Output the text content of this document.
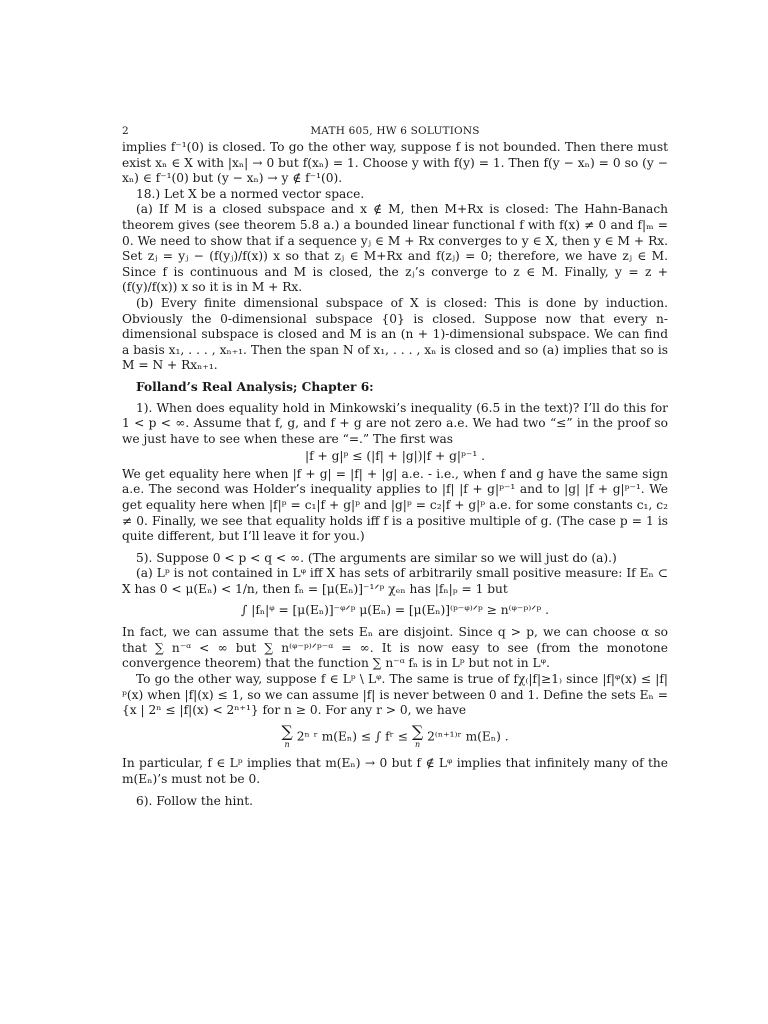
2	MATH 605, HW 6 SOLUTIONS

implies f⁻¹(0) is closed. To go the other way, suppose f is not bounded. Then there must exist xₙ ∈ X with |xₙ| → 0 but f(xₙ) = 1. Choose y with f(y) = 1. Then f(y − xₙ) = 0 so (y − xₙ) ∈ f⁻¹(0) but (y − xₙ) → y ∉ f⁻¹(0).

18.) Let X be a normed vector space.

(a) If M is a closed subspace and x ∉ M, then M+Rx is closed: The Hahn-Banach theorem gives (see theorem 5.8 a.) a bounded linear functional f with f(x) ≠ 0 and f|ₘ = 0. We need to show that if a sequence yⱼ ∈ M + Rx converges to y ∈ X, then y ∈ M + Rx. Set zⱼ = yⱼ − (f(yⱼ)/f(x)) x so that zⱼ ∈ M+Rx and f(zⱼ) = 0; therefore, we have zⱼ ∈ M. Since f is continuous and M is closed, the zⱼ’s converge to z ∈ M. Finally, y = z + (f(y)/f(x)) x so it is in M + Rx.

(b) Every finite dimensional subspace of X is closed: This is done by induction. Obviously the 0-dimensional subspace {0} is closed. Suppose now that every n-dimensional subspace is closed and M is an (n + 1)-dimensional subspace. We can find a basis x₁, . . . , xₙ₊₁. Then the span N of x₁, . . . , xₙ is closed and so (a) implies that so is M = N + Rxₙ₊₁.

Folland’s Real Analysis; Chapter 6:

1). When does equality hold in Minkowski’s inequality (6.5 in the text)? I’ll do this for 1 < p < ∞. Assume that f, g, and f + g are not zero a.e. We had two “≤” in the proof so we just have to see when these are “=.” The first was

|f + g|ᵖ ≤ (|f| + |g|)|f + g|ᵖ⁻¹ .

We get equality here when |f + g| = |f| + |g| a.e. - i.e., when f and g have the same sign a.e. The second was Holder’s inequality applies to |f| |f + g|ᵖ⁻¹ and to |g| |f + g|ᵖ⁻¹. We get equality here when |f|ᵖ = c₁|f + g|ᵖ and |g|ᵖ = c₂|f + g|ᵖ a.e. for some constants c₁, c₂ ≠ 0. Finally, we see that equality holds iff f is a positive multiple of g. (The case p = 1 is quite different, but I’ll leave it for you.)

5). Suppose 0 < p < q < ∞. (The arguments are similar so we will just do (a).)

(a) Lᵖ is not contained in Lᵠ iff X has sets of arbitrarily small positive measure: If Eₙ ⊂ X has 0 < μ(Eₙ) < 1/n, then fₙ = [μ(Eₙ)]⁻¹ᐟᵖ χₑₙ has |fₙ|ₚ = 1 but

∫ |fₙ|ᵠ = [μ(Eₙ)]⁻ᵠᐟᵖ μ(Eₙ) = [μ(Eₙ)]⁽ᵖ⁻ᵠ⁾ᐟᵖ ≥ n⁽ᵠ⁻ᵖ⁾ᐟᵖ .

In fact, we can assume that the sets Eₙ are disjoint. Since q > p, we can choose α so that ∑ n⁻ᵅ < ∞ but ∑ n⁽ᵠ⁻ᵖ⁾ᐟᵖ⁻ᵅ = ∞. It is now easy to see (from the monotone convergence theorem) that the function ∑ n⁻ᵅ fₙ is in Lᵖ but not in Lᵠ.

To go the other way, suppose f ∈ Lᵖ \ Lᵠ. The same is true of fχ₍|f|≥1₎ since |f|ᵠ(x) ≤ |f|ᵖ(x) when |f|(x) ≤ 1, so we can assume |f| is never between 0 and 1. Define the sets Eₙ = {x | 2ⁿ ≤ |f|(x) < 2ⁿ⁺¹} for n ≥ 0. For any r > 0, we have

∑
n
2ⁿ ʳ m(Eₙ) ≤ ∫ fʳ ≤ ∑
n
2⁽ⁿ⁺¹⁾ʳ m(Eₙ) .

In particular, f ∈ Lᵖ implies that m(Eₙ) → 0 but f ∉ Lᵠ implies that infinitely many of the m(Eₙ)’s must not be 0.

6). Follow the hint.
